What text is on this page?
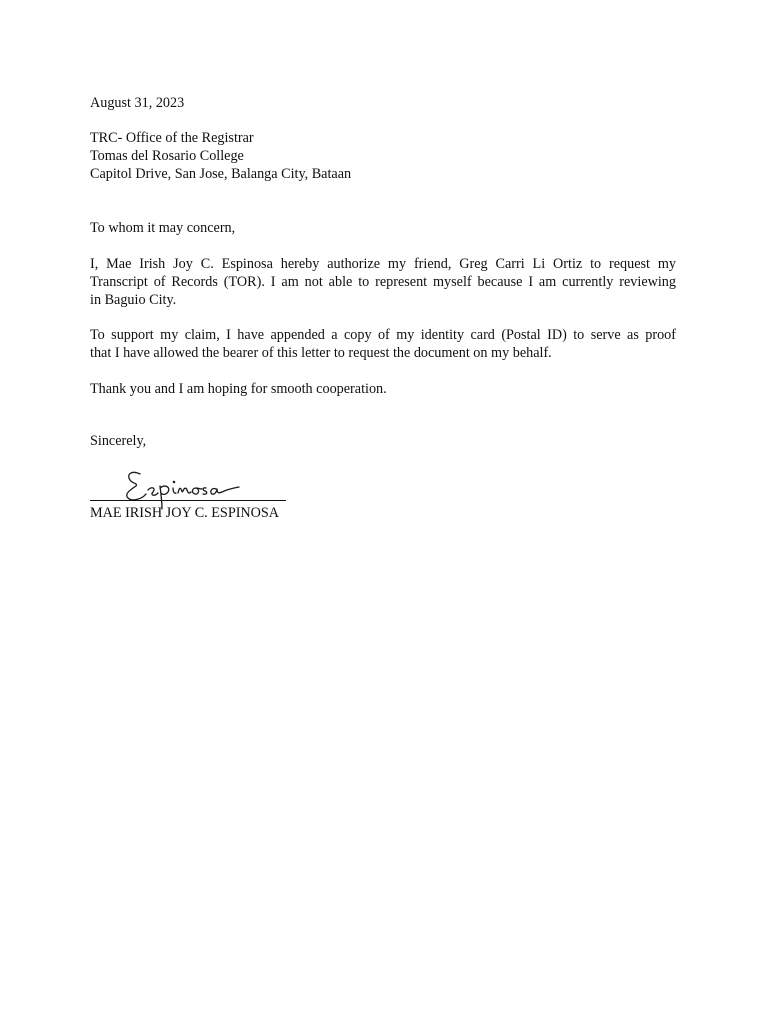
August 31, 2023

TRC- Office of the Registrar
Tomas del Rosario College
Capitol Drive, San Jose, Balanga City, Bataan

To whom it may concern,

I, Mae Irish Joy C. Espinosa hereby authorize my friend, Greg Carri Li Ortiz to request my
Transcript of Records (TOR). I am not able to represent myself because I am currently reviewing
in Baguio City.

To support my claim, I have appended a copy of my identity card (Postal ID) to serve as proof
that I have allowed the bearer of this letter to request the document on my behalf.

Thank you and I am hoping for smooth cooperation.

Sincerely,

MAE IRISH JOY C. ESPINOSA
